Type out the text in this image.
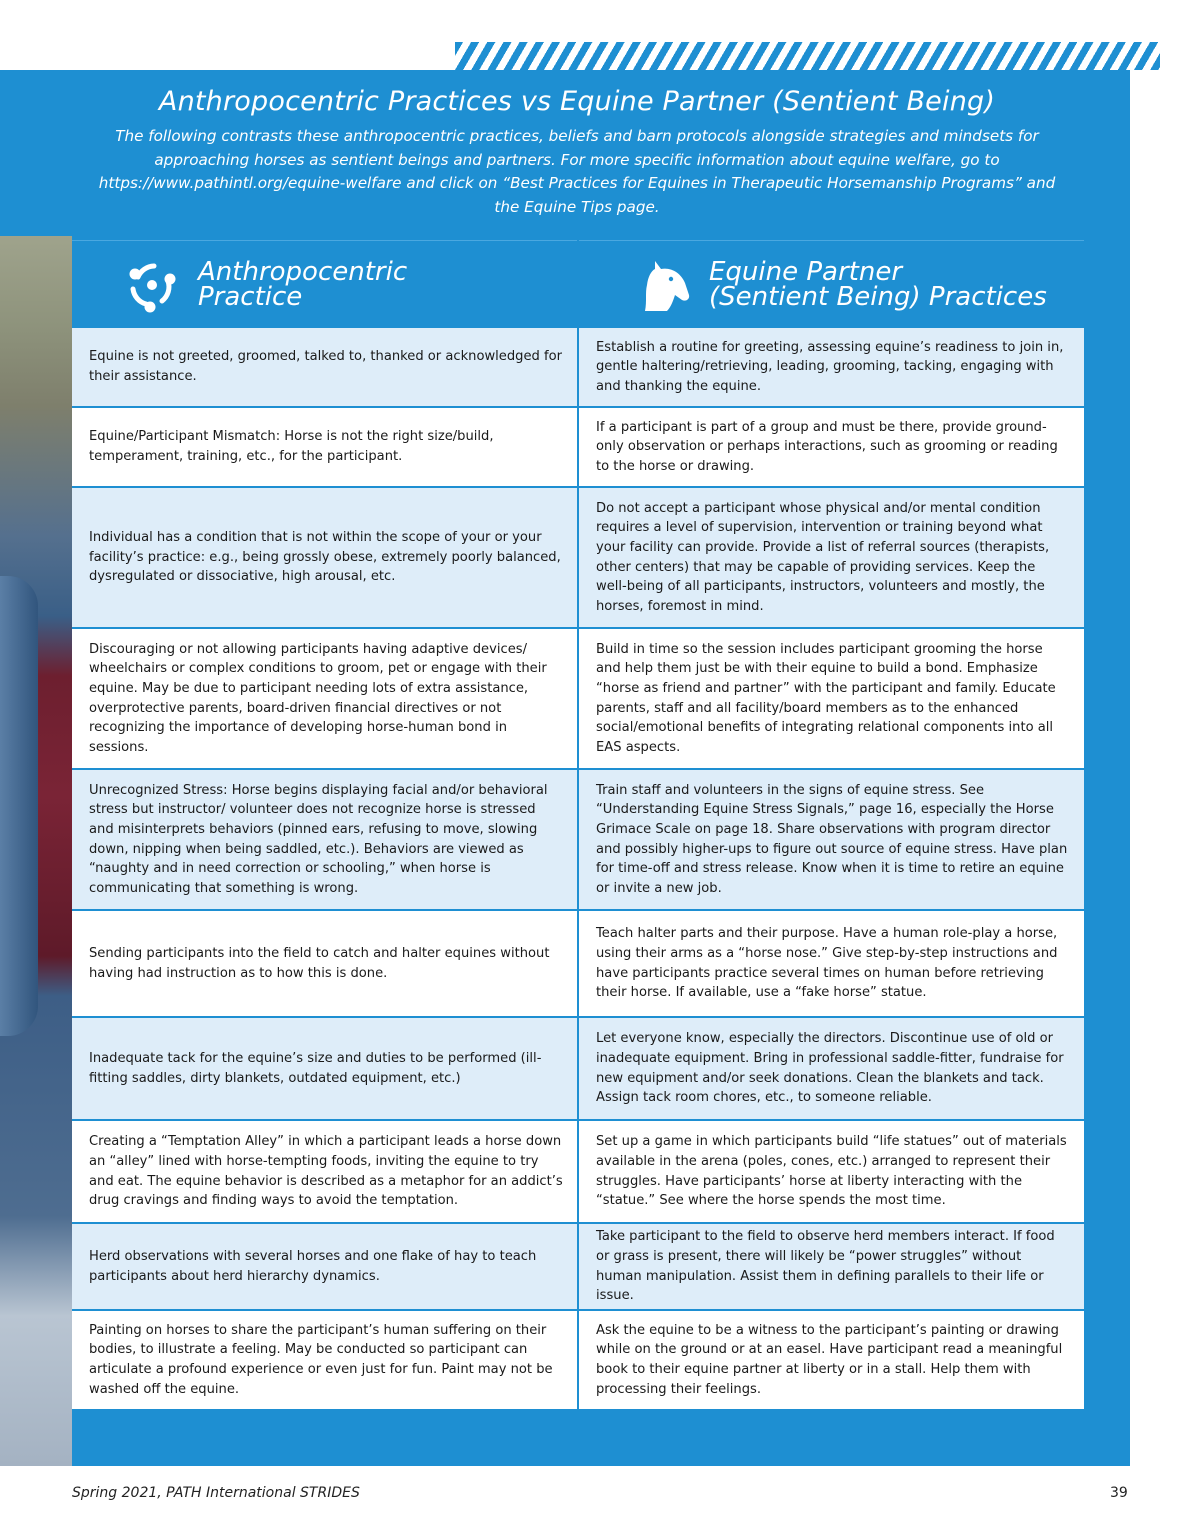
Anthropocentric Practices vs Equine Partner (Sentient Being)

The following contrasts these anthropocentric practices, beliefs and barn protocols alongside strategies and mindsets for approaching horses as sentient beings and partners. For more specific information about equine welfare, go to https://www.pathintl.org/equine-welfare and click on “Best Practices for Equines in Therapeutic Horsemanship Programs” and the Equine Tips page.

Anthropocentric
Practice
Equine Partner
(Sentient Being) Practices
Equine is not greeted, groomed, talked to, thanked or acknowledged for their assistance.
Establish a routine for greeting, assessing equine’s readiness to join in, gentle haltering/retrieving, leading, grooming, tacking, engaging with and thanking the equine.
Equine/Participant Mismatch: Horse is not the right size/build, temperament, training, etc., for the participant.
If a participant is part of a group and must be there, provide ground-only observation or perhaps interactions, such as grooming or reading to the horse or drawing.
Individual has a condition that is not within the scope of your or your facility’s practice: e.g., being grossly obese, extremely poorly balanced, dysregulated or dissociative, high arousal, etc.
Do not accept a participant whose physical and/or mental condition requires a level of supervision, intervention or training beyond what your facility can provide. Provide a list of referral sources (therapists, other centers) that may be capable of providing services. Keep the well-being of all participants, instructors, volunteers and mostly, the horses, foremost in mind.
Discouraging or not allowing participants having adaptive devices/ wheelchairs or complex conditions to groom, pet or engage with their equine. May be due to participant needing lots of extra assistance, overprotective parents, board-driven financial directives or not recognizing the importance of developing horse-human bond in sessions.
Build in time so the session includes participant grooming the horse and help them just be with their equine to build a bond. Emphasize “horse as friend and partner” with the participant and family. Educate parents, staff and all facility/board members as to the enhanced social/emotional benefits of integrating relational components into all EAS aspects.
Unrecognized Stress: Horse begins displaying facial and/or behavioral stress but instructor/ volunteer does not recognize horse is stressed and misinterprets behaviors (pinned ears, refusing to move, slowing down, nipping when being saddled, etc.). Behaviors are viewed as “naughty and in need correction or schooling,” when horse is communicating that something is wrong.
Train staff and volunteers in the signs of equine stress. See “Understanding Equine Stress Signals,” page 16, especially the Horse Grimace Scale on page 18. Share observations with program director and possibly higher-ups to figure out source of equine stress. Have plan for time-off and stress release. Know when it is time to retire an equine or invite a new job.
Sending participants into the field to catch and halter equines without having had instruction as to how this is done.
Teach halter parts and their purpose. Have a human role-play a horse, using their arms as a “horse nose.” Give step-by-step instructions and have participants practice several times on human before retrieving their horse. If available, use a “fake horse” statue.
Inadequate tack for the equine’s size and duties to be performed (ill-fitting saddles, dirty blankets, outdated equipment, etc.)
Let everyone know, especially the directors. Discontinue use of old or inadequate equipment. Bring in professional saddle-fitter, fundraise for new equipment and/or seek donations. Clean the blankets and tack. Assign tack room chores, etc., to someone reliable.
Creating a “Temptation Alley” in which a participant leads a horse down an “alley” lined with horse-tempting foods, inviting the equine to try and eat. The equine behavior is described as a metaphor for an addict’s drug cravings and finding ways to avoid the temptation.
Set up a game in which participants build “life statues” out of materials available in the arena (poles, cones, etc.) arranged to represent their struggles. Have participants’ horse at liberty interacting with the “statue.” See where the horse spends the most time.
Herd observations with several horses and one flake of hay to teach participants about herd hierarchy dynamics.
Take participant to the field to observe herd members interact. If food or grass is present, there will likely be “power struggles” without human manipulation. Assist them in defining parallels to their life or issue.
Painting on horses to share the participant’s human suffering on their bodies, to illustrate a feeling. May be conducted so participant can articulate a profound experience or even just for fun. Paint may not be washed off the equine.
Ask the equine to be a witness to the participant’s painting or drawing while on the ground or at an easel. Have participant read a meaningful book to their equine partner at liberty or in a stall. Help them with processing their feelings.
Spring 2021, PATH International STRIDES	39
